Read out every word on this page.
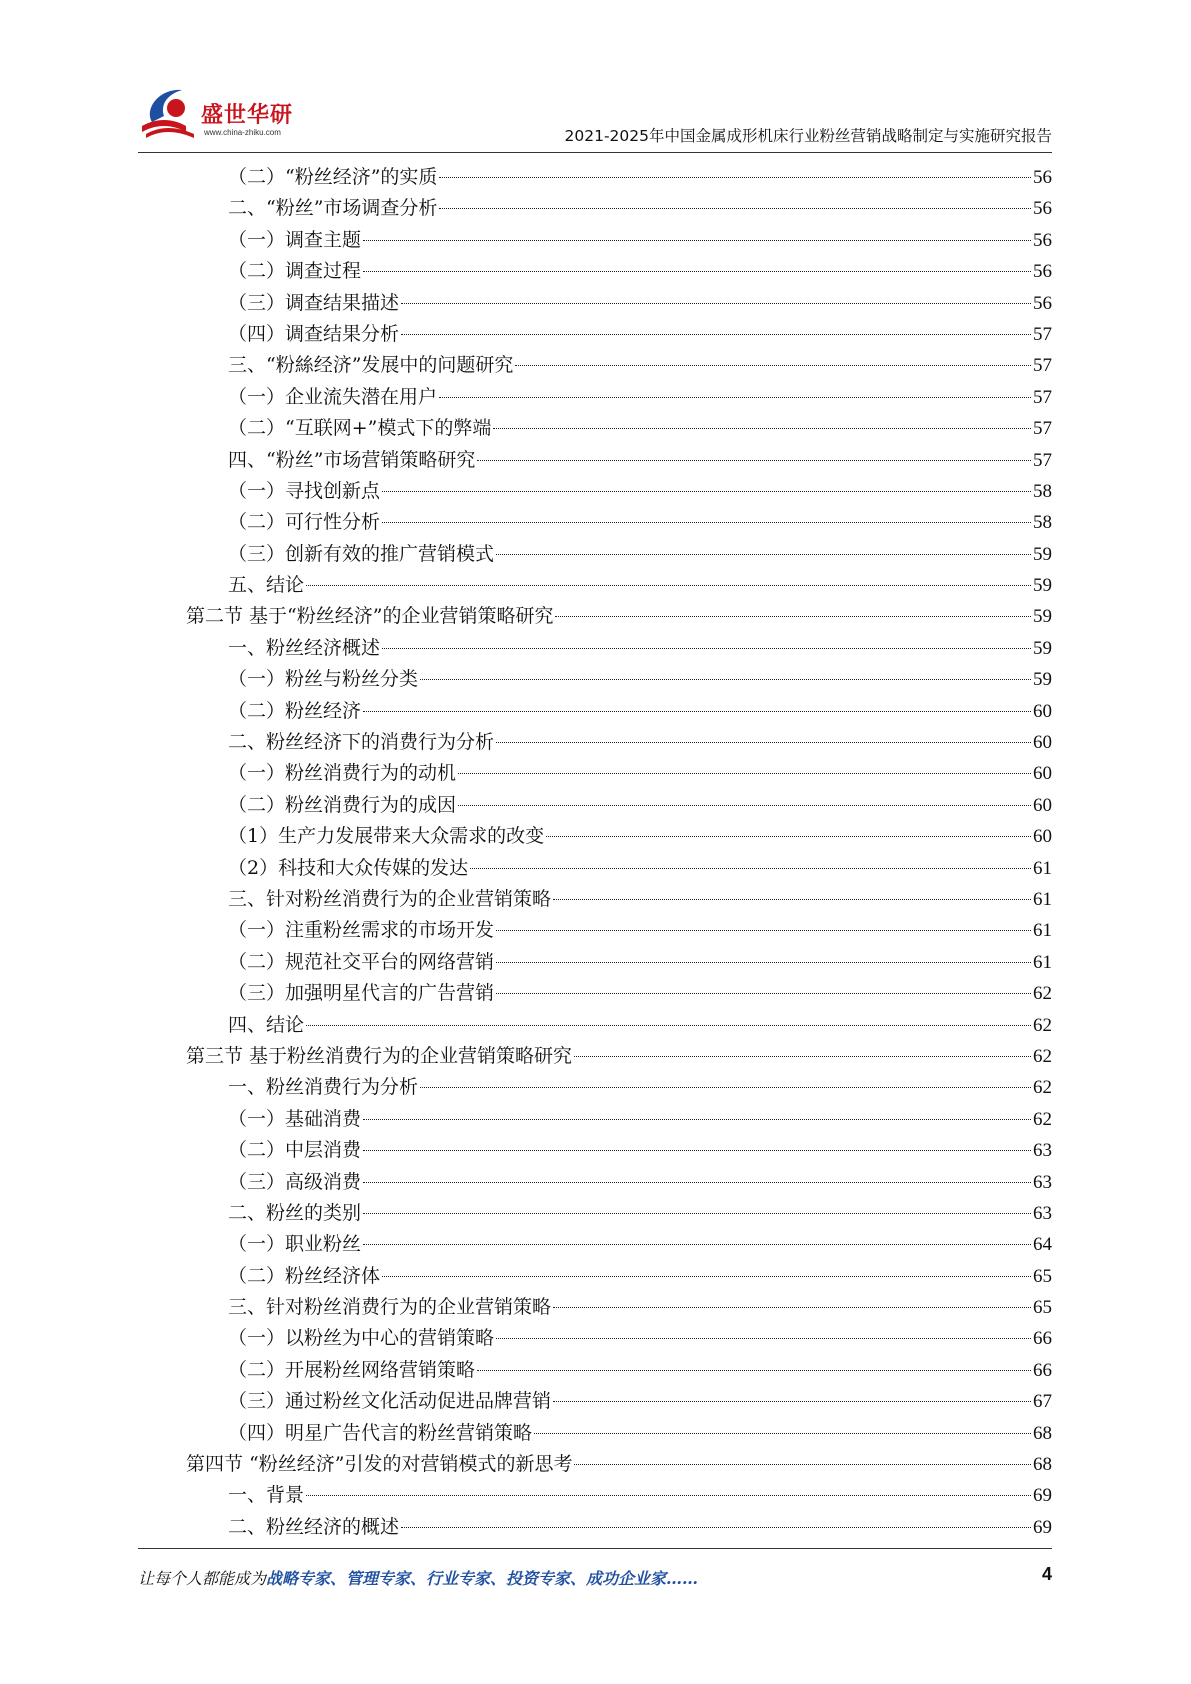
盛世华研
www.china-zhiku.com	2021-2025年中国金属成形机床行业粉丝营销战略制定与实施研究报告
（二）“粉丝经济”的实质	56
二、“粉丝”市场调查分析	56
（一）调查主题	56
（二）调查过程	56
（三）调查结果描述	56
（四）调查结果分析	57
三、“粉絲经济”发展中的问题研究	57
（一）企业流失潜在用户	57
（二）“互联网+”模式下的弊端	57
四、“粉丝”市场营销策略研究	57
（一）寻找创新点	58
（二）可行性分析	58
（三）创新有效的推广营销模式	59
五、结论	59
第二节 基于“粉丝经济”的企业营销策略研究	59
一、粉丝经济概述	59
（一）粉丝与粉丝分类	59
（二）粉丝经济	60
二、粉丝经济下的消费行为分析	60
（一）粉丝消费行为的动机	60
（二）粉丝消费行为的成因	60
（1）生产力发展带来大众需求的改变	60
（2）科技和大众传媒的发达	61
三、针对粉丝消费行为的企业营销策略	61
（一）注重粉丝需求的市场开发	61
（二）规范社交平台的网络营销	61
（三）加强明星代言的广告营销	62
四、结论	62
第三节 基于粉丝消费行为的企业营销策略研究	62
一、粉丝消费行为分析	62
（一）基础消费	62
（二）中层消费	63
（三）高级消费	63
二、粉丝的类别	63
（一）职业粉丝	64
（二）粉丝经济体	65
三、针对粉丝消费行为的企业营销策略	65
（一）以粉丝为中心的营销策略	66
（二）开展粉丝网络营销策略	66
（三）通过粉丝文化活动促进品牌营销	67
（四）明星广告代言的粉丝营销策略	68
第四节 “粉丝经济”引发的对营销模式的新思考	68
一、背景	69
二、粉丝经济的概述	69
让每个人都能成为战略专家、管理专家、行业专家、投资专家、成功企业家……	4
